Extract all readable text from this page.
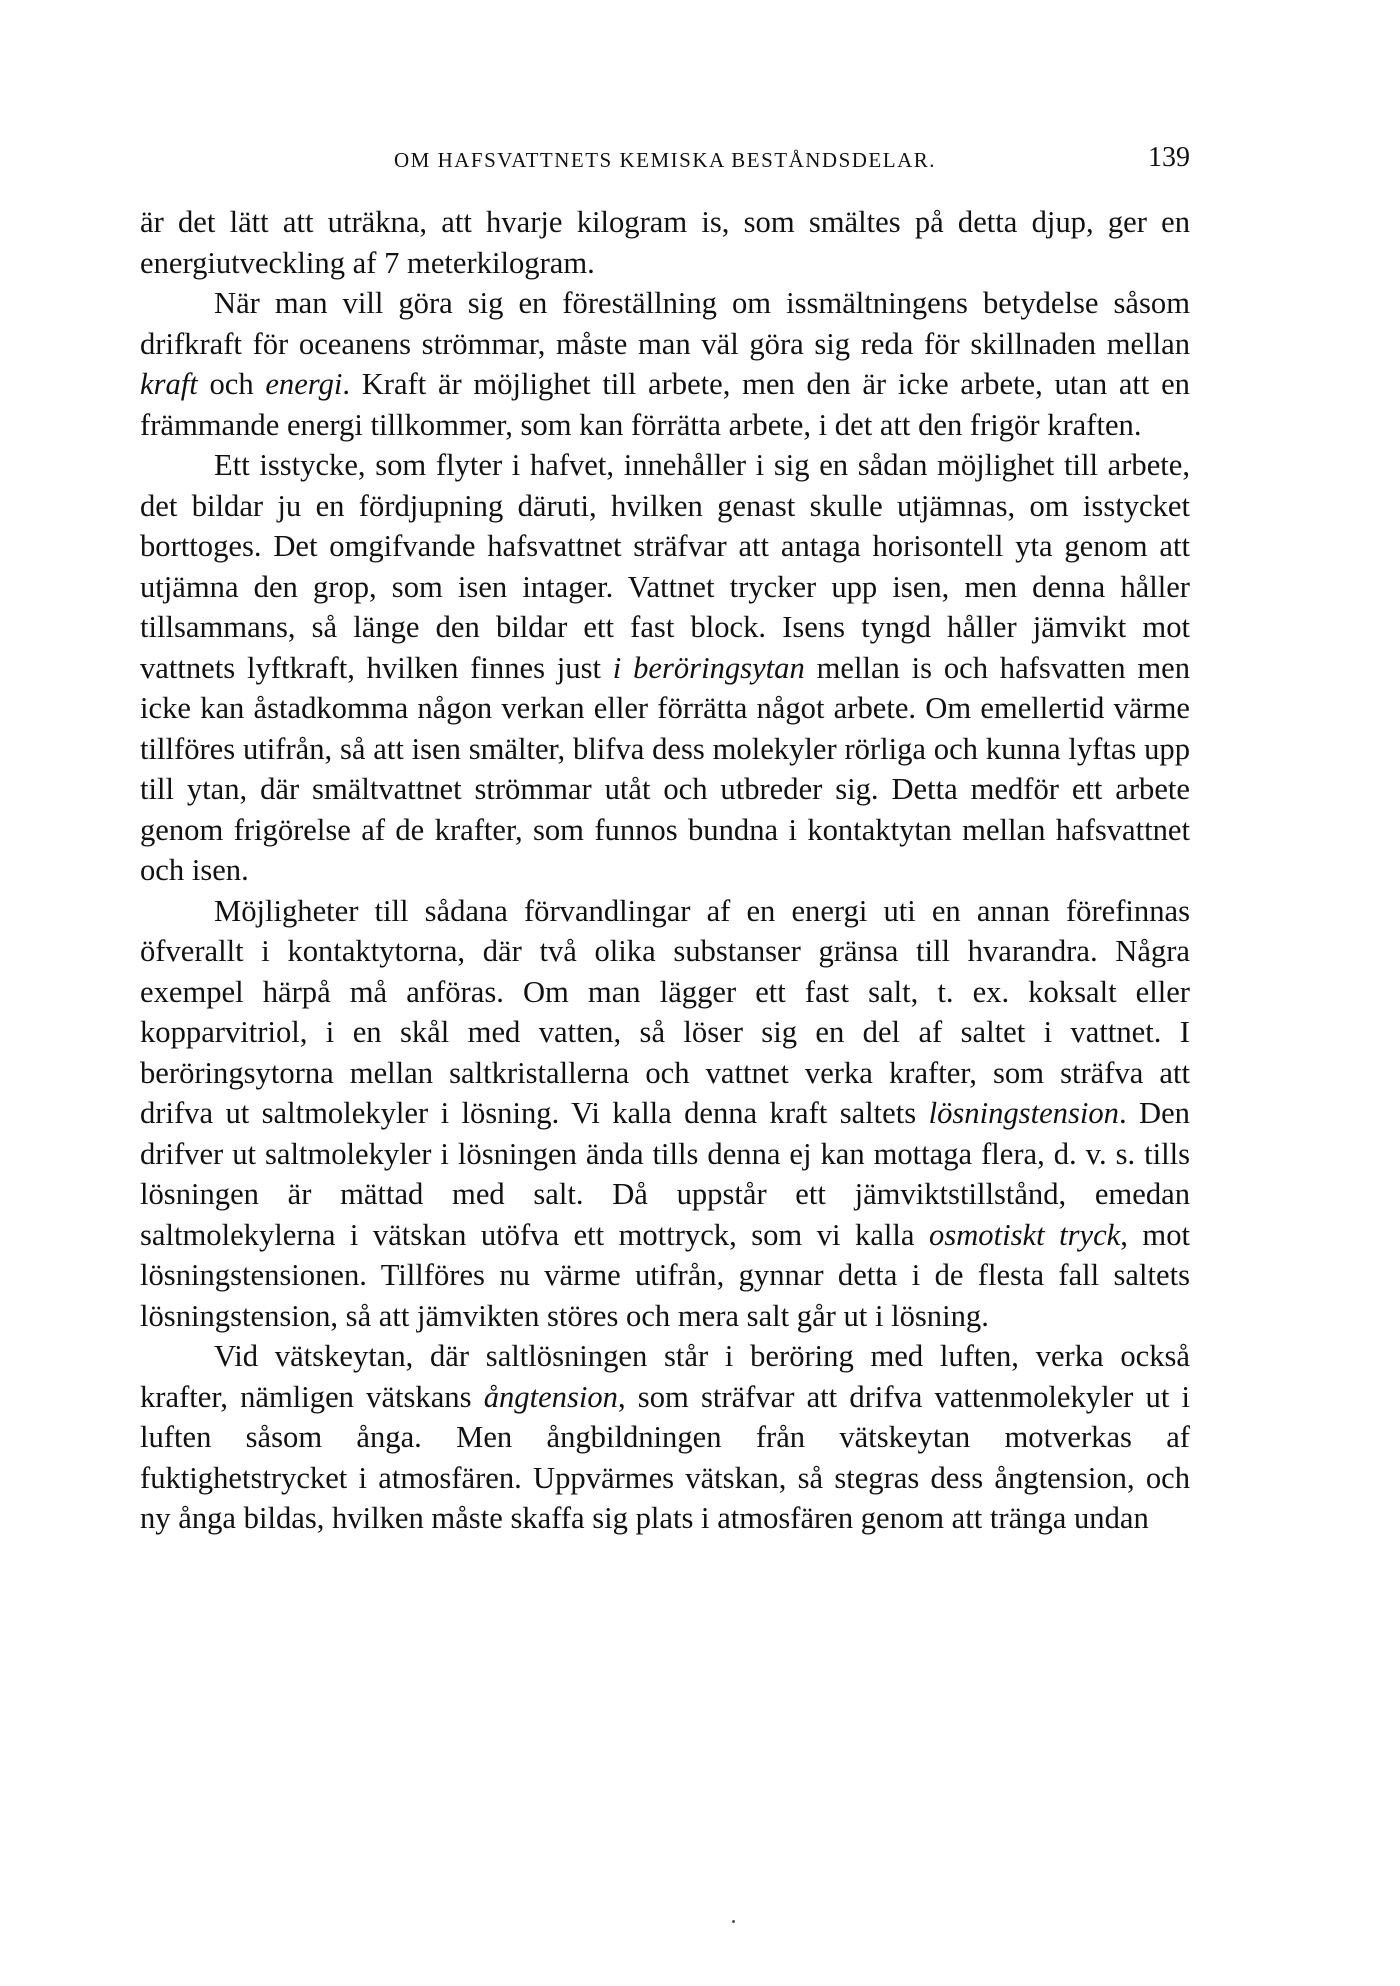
OM HAFSVATTNETS KEMISKA BESTÅNDSDELAR.	139

är det lätt att uträkna, att hvarje kilogram is, som smältes på detta djup, ger en energiutveckling af 7 meterkilogram.

När man vill göra sig en föreställning om issmältningens betydelse såsom drifkraft för oceanens strömmar, måste man väl göra sig reda för skillnaden mellan kraft och energi. Kraft är möjlighet till arbete, men den är icke arbete, utan att en främmande energi tillkommer, som kan förrätta arbete, i det att den frigör kraften.

Ett isstycke, som flyter i hafvet, innehåller i sig en sådan möjlighet till arbete, det bildar ju en fördjupning däruti, hvilken genast skulle utjämnas, om isstycket borttoges. Det omgifvande hafsvattnet sträfvar att antaga horisontell yta genom att utjämna den grop, som isen intager. Vattnet trycker upp isen, men denna håller tillsammans, så länge den bildar ett fast block. Isens tyngd håller jämvikt mot vattnets lyftkraft, hvilken finnes just i beröringsytan mellan is och hafsvatten men icke kan åstadkomma någon verkan eller förrätta något arbete. Om emellertid värme tillföres utifrån, så att isen smälter, blifva dess molekyler rörliga och kunna lyftas upp till ytan, där smältvattnet strömmar utåt och utbreder sig. Detta medför ett arbete genom frigörelse af de krafter, som funnos bundna i kontaktytan mellan hafsvattnet och isen.

Möjligheter till sådana förvandlingar af en energi uti en annan förefinnas öfverallt i kontaktytorna, där två olika substanser gränsa till hvarandra. Några exempel härpå må anföras. Om man lägger ett fast salt, t. ex. koksalt eller kopparvitriol, i en skål med vatten, så löser sig en del af saltet i vattnet. I beröringsytorna mellan saltkristallerna och vattnet verka krafter, som sträfva att drifva ut saltmolekyler i lösning. Vi kalla denna kraft saltets lösningstension. Den drifver ut saltmolekyler i lösningen ända tills denna ej kan mottaga flera, d. v. s. tills lösningen är mättad med salt. Då uppstår ett jämviktstillstånd, emedan saltmolekylerna i vätskan utöfva ett mottryck, som vi kalla osmotiskt tryck, mot lösningstensionen. Tillföres nu värme utifrån, gynnar detta i de flesta fall saltets lösningstension, så att jämvikten störes och mera salt går ut i lösning.

Vid vätskeytan, där saltlösningen står i beröring med luften, verka också krafter, nämligen vätskans ångtension, som sträfvar att drifva vattenmolekyler ut i luften såsom ånga. Men ångbildningen från vätskeytan motverkas af fuktighetstrycket i atmosfären. Uppvärmes vätskan, så stegras dess ångtension, och ny ånga bildas, hvilken måste skaffa sig plats i atmosfären genom att tränga undan
